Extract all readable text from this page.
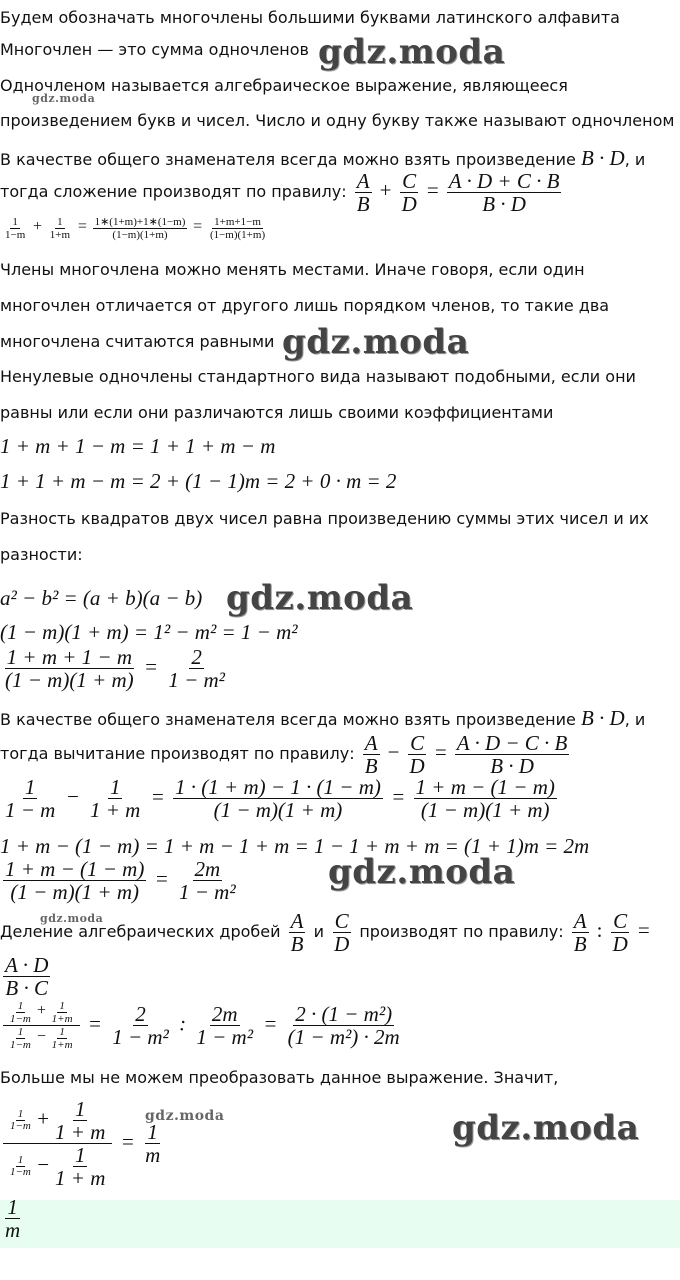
Будем обозначать многочлены большими буквами латинского алфавита
Многочлен — это сумма одночленов gdz.moda
Одночленом называется алгебраическое выражение, являющееся
gdz.moda
произведением букв и чисел. Число и одну букву также называют одночленом
В качестве общего знаменателя всегда можно взять произведение B · D, и
тогда сложение производят по правилу: $\frac{A}{B} + \frac{C}{D} = \frac{A \cdot D + C \cdot B}{B \cdot D}$
$\frac{1}{1-m} + \frac{1}{1+m} = \frac{1∗(1+m)+1∗(1-m)}{(1-m)(1+m)} = \frac{1+m+1-m}{(1-m)(1+m)}$
Члены многочлена можно менять местами. Иначе говоря, если один
многочлен отличается от другого лишь порядком членов, то такие два
многочлена считаются равными gdz.moda
Ненулевые одночлены стандартного вида называют подобными, если они
равны или если они различаются лишь своими коэффициентами
1 + m + 1 − m = 1 + 1 + m − m
1 + 1 + m − m = 2 + (1 − 1)m = 2 + 0 · m = 2
Разность квадратов двух чисел равна произведению суммы этих чисел и их
разности:
a² − b² = (a + b)(a − b) gdz.moda
(1 − m)(1 + m) = 1² − m² = 1 − m²
$\frac{1 + m + 1 - m}{(1 - m)(1 + m)} = \frac{2}{\text{1 − m²}}$
В качестве общего знаменателя всегда можно взять произведение B · D, и
тогда вычитание производят по правилу: $\frac{A}{B} - \frac{C}{D} = \frac{A \cdot D - C \cdot B}{B \cdot D}$
$\frac{1}{1 - m} - \frac{1}{1 + m} = \frac{1 \cdot (1 + m) - 1 \cdot (1 - m)}{(1 - m)(1 + m)} = \frac{1 + m - (1 - m)}{(1 - m)(1 + m)}$
1 + m − (1 − m) = 1 + m − 1 + m = 1 − 1 + m + m = (1 + 1)m = 2m
$\frac{1 + m - (1 - m)}{(1 - m)(1 + m)} = \frac{2m}{\text{1 − m²}}$	gdz.moda
gdz.moda
Деление алгебраических дробей $\frac{A}{B}$ и $\frac{C}{D}$ производят по правилу: $\frac{A}{B}$ : $\frac{C}{D}$ =
$\frac{A \cdot D}{B \cdot C}$
$\frac{\frac{1}{1-m} + \frac{1}{1+m}}{\frac{1}{1-m} - \frac{1}{1+m}} = \frac{2}{\text{1 − m²}}$ : $\frac{2m}{\text{1 − m²}} = \frac{\text{2 · (1 − m²)}}{\text{(1 − m²) · 2m}}$
Больше мы не можем преобразовать данное выражение. Значит,
gdz.moda	gdz.moda
$\frac{\frac{1}{1-m} + \frac{1}{1 + m}}{\frac{1}{1-m} - \frac{1}{1 + m}} = \frac{1}{m}$
$\frac{1}{m}$
